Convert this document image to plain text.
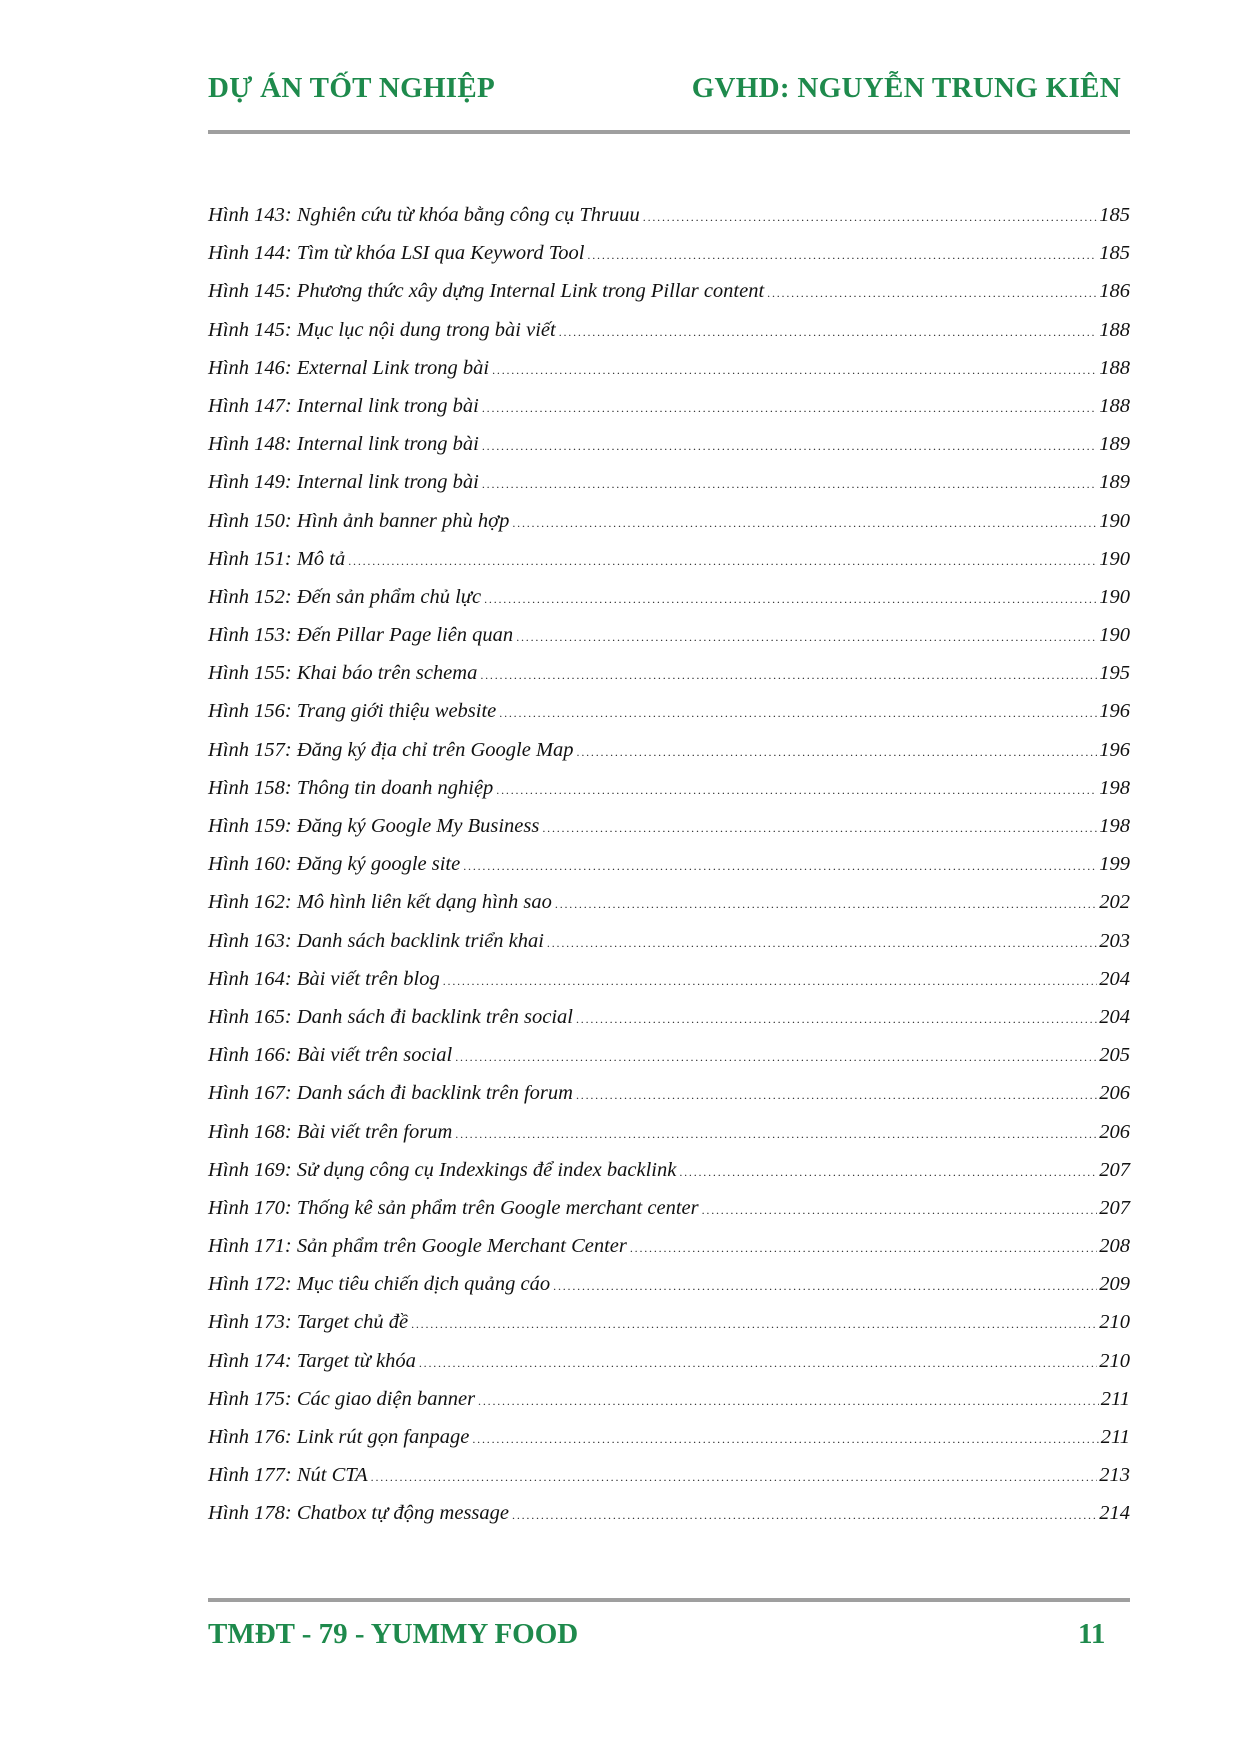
DỰ ÁN TỐT NGHIỆP	GVHD: NGUYỄN TRUNG KIÊN
Hình 143: Nghiên cứu từ khóa bằng công cụ Thruuu .....	185
Hình 144: Tìm từ khóa LSI qua Keyword Tool .....	185
Hình 145: Phương thức xây dựng Internal Link trong Pillar content .....	186
Hình 145: Mục lục nội dung trong bài viết .....	188
Hình 146: External Link trong bài .....	188
Hình 147: Internal link trong bài .....	188
Hình 148: Internal link trong bài .....	189
Hình 149: Internal link trong bài .....	189
Hình 150: Hình ảnh banner phù hợp .....	190
Hình 151: Mô tả .....	190
Hình 152: Đến sản phẩm chủ lực .....	190
Hình 153: Đến Pillar Page liên quan .....	190
Hình 155: Khai báo trên schema .....	195
Hình 156: Trang giới thiệu website .....	196
Hình 157: Đăng ký địa chỉ trên Google Map .....	196
Hình 158: Thông tin doanh nghiệp .....	198
Hình 159: Đăng ký Google My Business .....	198
Hình 160: Đăng ký google site .....	199
Hình 162: Mô hình liên kết dạng hình sao .....	202
Hình 163: Danh sách backlink triển khai .....	203
Hình 164: Bài viết trên blog .....	204
Hình 165: Danh sách đi backlink trên social .....	204
Hình 166: Bài viết trên social .....	205
Hình 167: Danh sách đi backlink trên forum .....	206
Hình 168: Bài viết trên forum .....	206
Hình 169: Sử dụng công cụ Indexkings để index backlink .....	207
Hình 170: Thống kê sản phẩm trên Google merchant center .....	207
Hình 171: Sản phẩm trên Google Merchant Center .....	208
Hình 172: Mục tiêu chiến dịch quảng cáo .....	209
Hình 173: Target chủ đề .....	210
Hình 174: Target từ khóa .....	210
Hình 175: Các giao diện banner .....	211
Hình 176: Link rút gọn fanpage .....	211
Hình 177: Nút CTA .....	213
Hình 178: Chatbox tự động message .....	214
TMĐT - 79 - YUMMY FOOD	11
